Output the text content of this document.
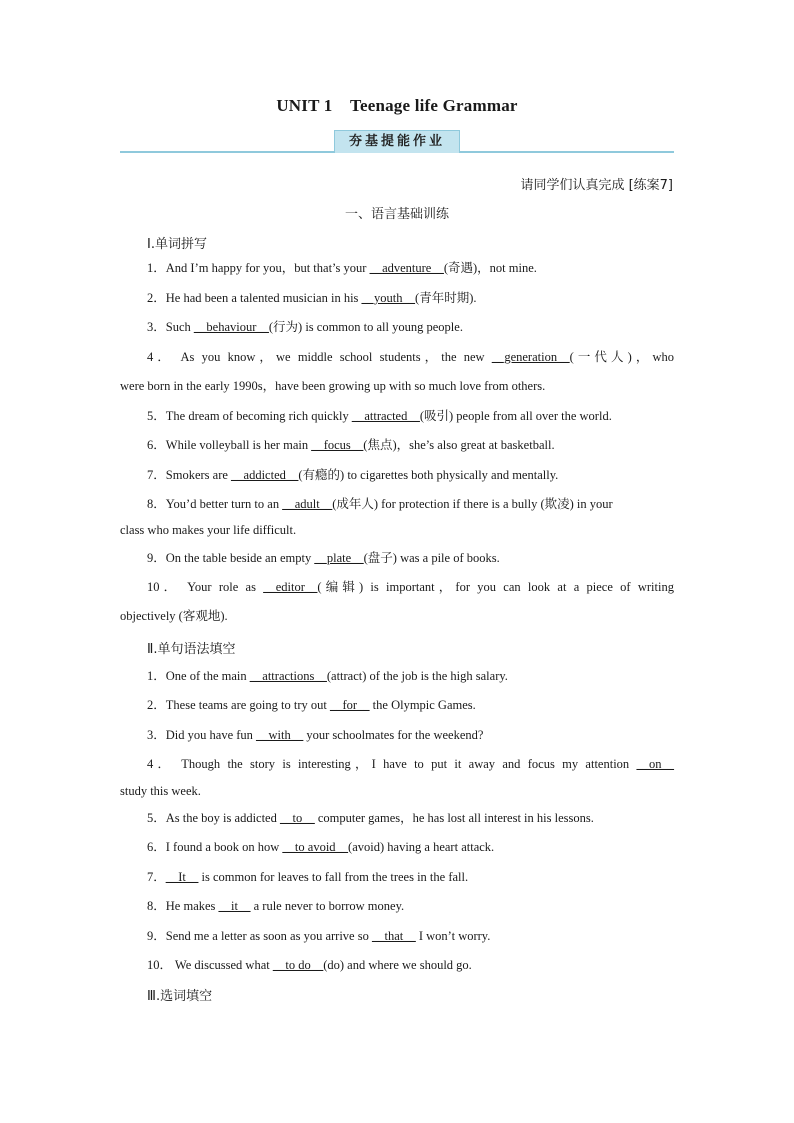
UNIT 1 Teenage life Grammar
夯基提能作业
请同学们认真完成 [练案7]
一、语言基础训练
Ⅰ.单词拼写
1．And I’m happy for you，but that’s your __adventure__(奇遇)，not mine.
2．He had been a talented musician in his __youth__(青年时期).
3．Such __behaviour__(行为) is common to all young people.
4． As you know，we middle school students，the new __generation__(一代人)，who
were born in the early 1990s，have been growing up with so much love from others.
5．The dream of becoming rich quickly __attracted__(吸引) people from all over the world.
6．While volleyball is her main __focus__(焦点)，she’s also great at basketball.
7．Smokers are __addicted__(有瘾的) to cigarettes both physically and mentally.
8．You’d better turn to an __adult__(成年人) for protection if there is a bully (欺凌) in your
class who makes your life difficult.
9．On the table beside an empty __plate__(盘子) was a pile of books.
10． Your role as __editor__(编辑) is important，for you can look at a piece of writing
objectively (客观地).
Ⅱ.单句语法填空
1．One of the main __attractions__(attract) of the job is the high salary.
2．These teams are going to try out __for__ the Olympic Games.
3．Did you have fun __with__ your schoolmates for the weekend?
4． Though the story is interesting，I have to put it away and focus my attention __on__
study this week.
5．As the boy is addicted __to__ computer games，he has lost all interest in his lessons.
6．I found a book on how __to avoid__(avoid) having a heart attack.
7．__It__ is common for leaves to fall from the trees in the fall.
8．He makes __it__ a rule never to borrow money.
9．Send me a letter as soon as you arrive so __that__ I won’t worry.
10． We discussed what __to do__(do) and where we should go.
Ⅲ.选词填空
